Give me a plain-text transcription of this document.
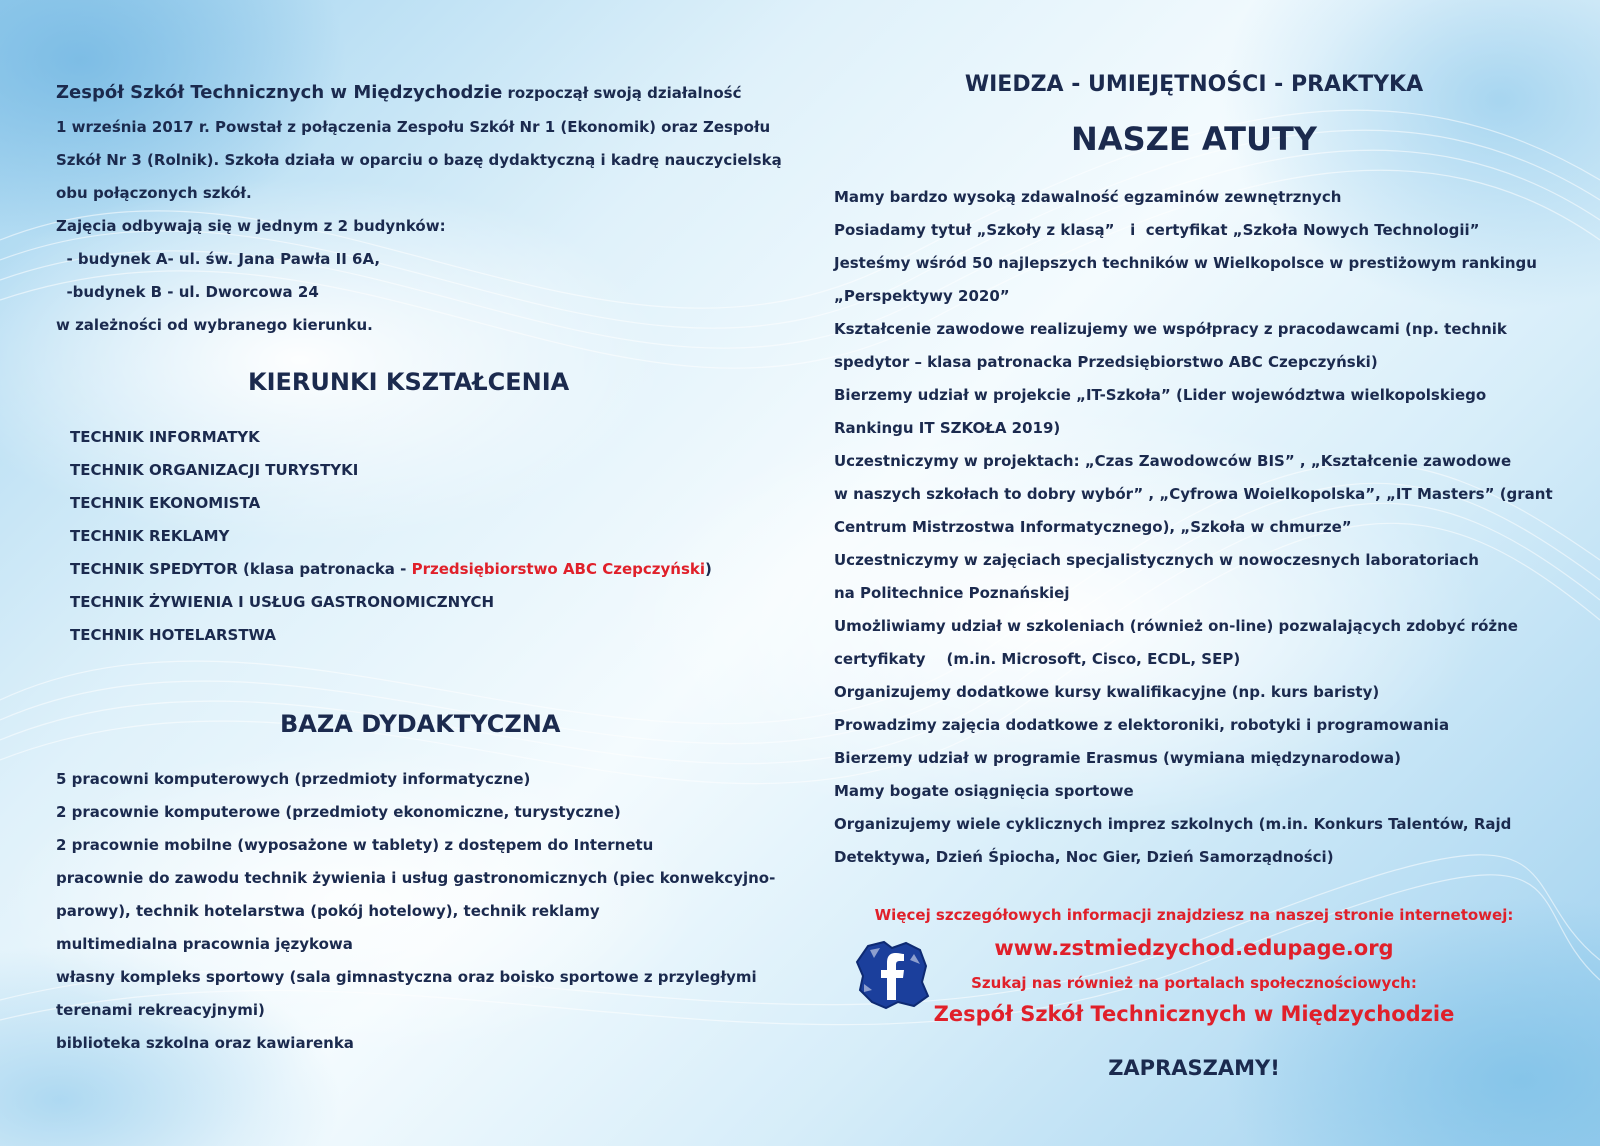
Zespół Szkół Technicznych w Międzychodzie rozpoczął swoją działalność
1 września 2017 r. Powstał z połączenia Zespołu Szkół Nr 1 (Ekonomik) oraz Zespołu
Szkół Nr 3 (Rolnik). Szkoła działa w oparciu o bazę dydaktyczną i kadrę nauczycielską
obu połączonych szkół.
Zajęcia odbywają się w jednym z 2 budynków:
- budynek A- ul. św. Jana Pawła II 6A,
-budynek B - ul. Dworcowa 24
w zależności od wybranego kierunku.
KIERUNKI KSZTAŁCENIA
TECHNIK INFORMATYK
TECHNIK ORGANIZACJI TURYSTYKI
TECHNIK EKONOMISTA
TECHNIK REKLAMY
TECHNIK SPEDYTOR (klasa patronacka - Przedsiębiorstwo ABC Czepczyński)
TECHNIK ŻYWIENIA I USŁUG GASTRONOMICZNYCH
TECHNIK HOTELARSTWA
BAZA DYDAKTYCZNA
5 pracowni komputerowych (przedmioty informatyczne)
2 pracownie komputerowe (przedmioty ekonomiczne, turystyczne)
2 pracownie mobilne (wyposażone w tablety) z dostępem do Internetu
pracownie do zawodu technik żywienia i usług gastronomicznych (piec konwekcyjno-
parowy), technik hotelarstwa (pokój hotelowy), technik reklamy
multimedialna pracownia językowa
własny kompleks sportowy (sala gimnastyczna oraz boisko sportowe z przyległymi
terenami rekreacyjnymi)
biblioteka szkolna oraz kawiarenka
WIEDZA - UMIEJĘTNOŚCI - PRAKTYKA
NASZE ATUTY
Mamy bardzo wysoką zdawalność egzaminów zewnętrznych
Posiadamy tytuł „Szkoły z klasą”   i  certyfikat „Szkoła Nowych Technologii”
Jesteśmy wśród 50 najlepszych techników w Wielkopolsce w prestiżowym rankingu
„Perspektywy 2020”
Kształcenie zawodowe realizujemy we współpracy z pracodawcami (np. technik
spedytor – klasa patronacka Przedsiębiorstwo ABC Czepczyński)
Bierzemy udział w projekcie „IT-Szkoła” (Lider województwa wielkopolskiego
Rankingu IT SZKOŁA 2019)
Uczestniczymy w projektach: „Czas Zawodowców BIS” , „Kształcenie zawodowe
w naszych szkołach to dobry wybór” , „Cyfrowa Woielkopolska”, „IT Masters” (grant
Centrum Mistrzostwa Informatycznego), „Szkoła w chmurze”
Uczestniczymy w zajęciach specjalistycznych w nowoczesnych laboratoriach
na Politechnice Poznańskiej
Umożliwiamy udział w szkoleniach (również on-line) pozwalających zdobyć różne
certyfikaty    (m.in. Microsoft, Cisco, ECDL, SEP)
Organizujemy dodatkowe kursy kwalifikacyjne (np. kurs baristy)
Prowadzimy zajęcia dodatkowe z elektoroniki, robotyki i programowania
Bierzemy udział w programie Erasmus (wymiana międzynarodowa)
Mamy bogate osiągnięcia sportowe
Organizujemy wiele cyklicznych imprez szkolnych (m.in. Konkurs Talentów, Rajd
Detektywa, Dzień Śpiocha, Noc Gier, Dzień Samorządności)
Więcej szczegółowych informacji znajdziesz na naszej stronie internetowej:
www.zstmiedzychod.edupage.org
Szukaj nas również na portalach społecznościowych:
Zespół Szkół Technicznych w Międzychodzie
ZAPRASZAMY!
